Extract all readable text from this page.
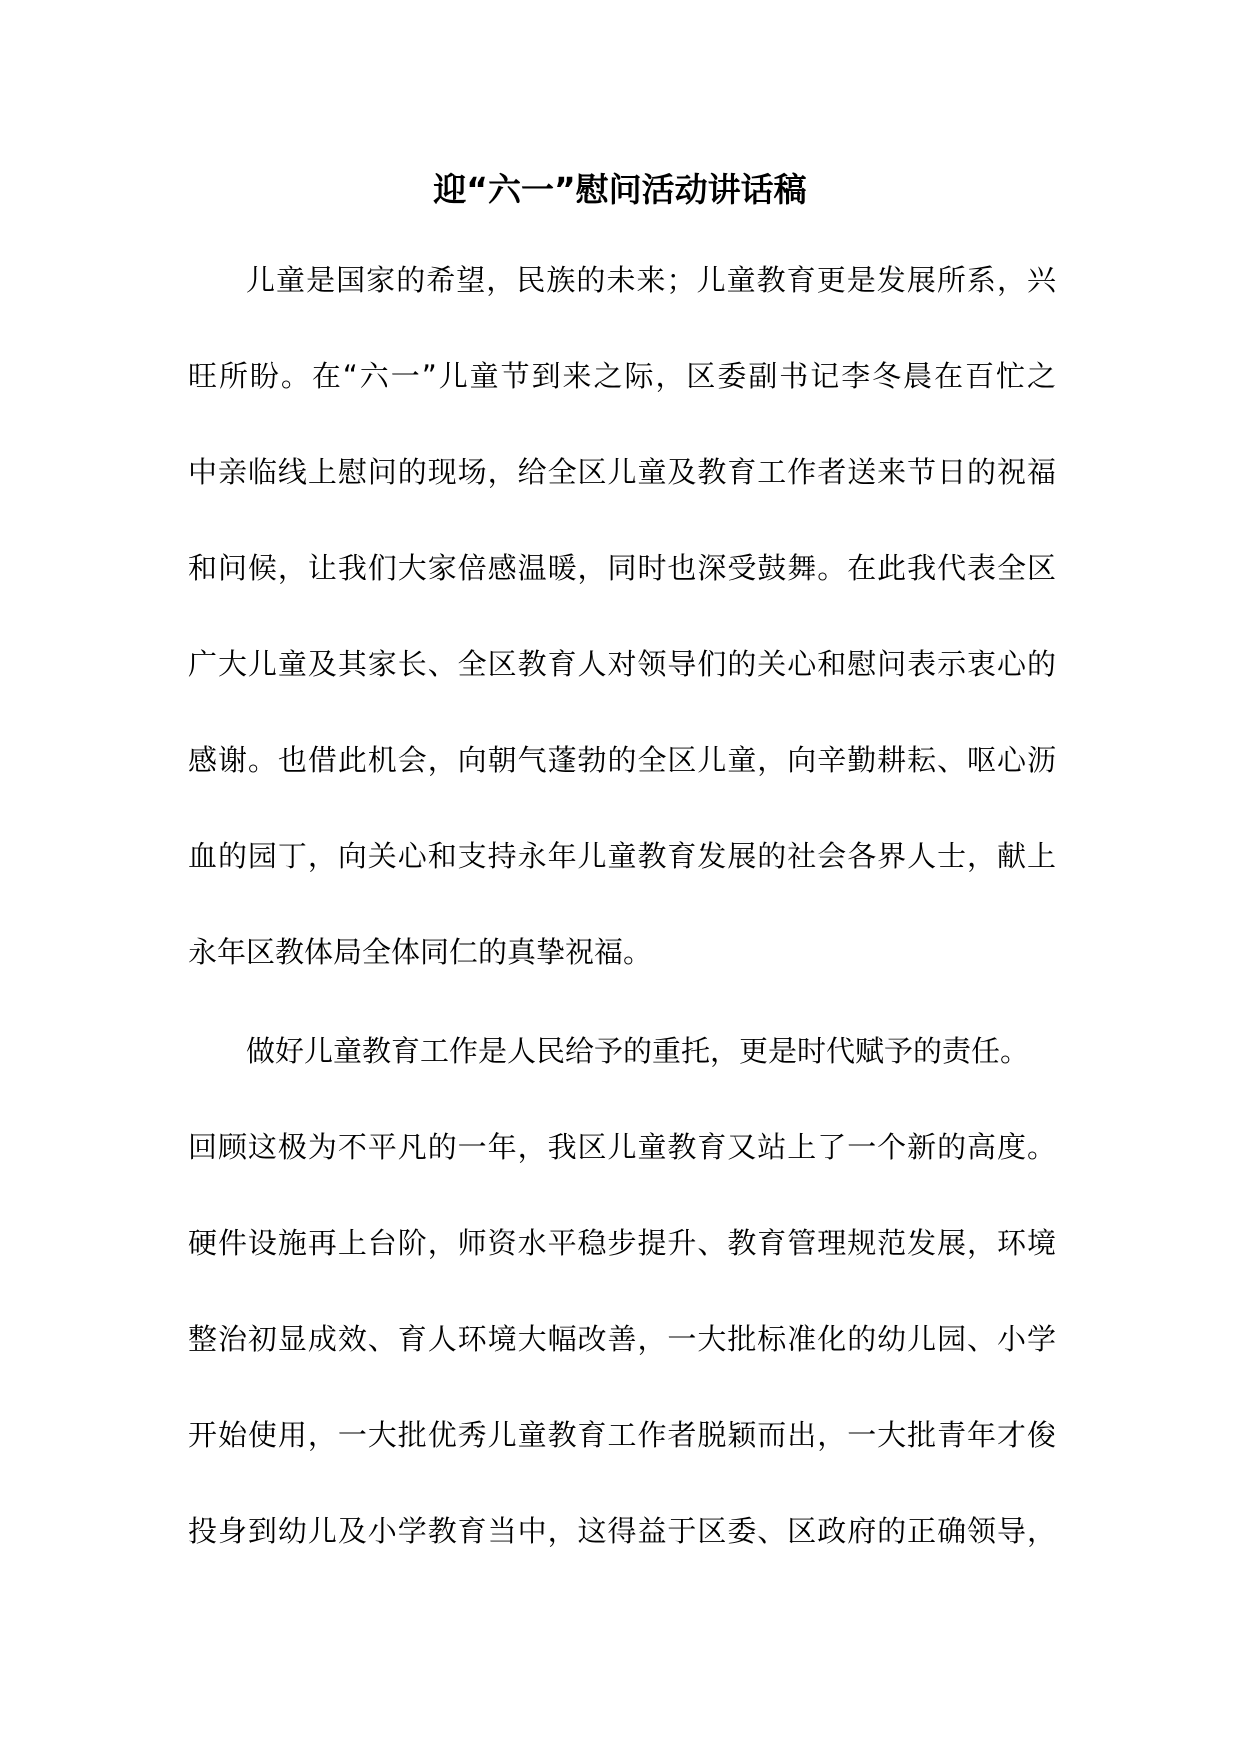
迎“六一”慰问活动讲话稿
儿童是国家的希望，民族的未来；儿童教育更是发展所系，兴
旺所盼。在“六一”儿童节到来之际，区委副书记李冬晨在百忙之
中亲临线上慰问的现场，给全区儿童及教育工作者送来节日的祝福
和问候，让我们大家倍感温暖，同时也深受鼓舞。在此我代表全区
广大儿童及其家长、全区教育人对领导们的关心和慰问表示衷心的
感谢。也借此机会，向朝气蓬勃的全区儿童，向辛勤耕耘、呕心沥
血的园丁，向关心和支持永年儿童教育发展的社会各界人士，献上
永年区教体局全体同仁的真挚祝福。
做好儿童教育工作是人民给予的重托，更是时代赋予的责任。
回顾这极为不平凡的一年，我区儿童教育又站上了一个新的高度。
硬件设施再上台阶，师资水平稳步提升、教育管理规范发展，环境
整治初显成效、育人环境大幅改善，一大批标准化的幼儿园、小学
开始使用，一大批优秀儿童教育工作者脱颖而出，一大批青年才俊
投身到幼儿及小学教育当中，这得益于区委、区政府的正确领导，
